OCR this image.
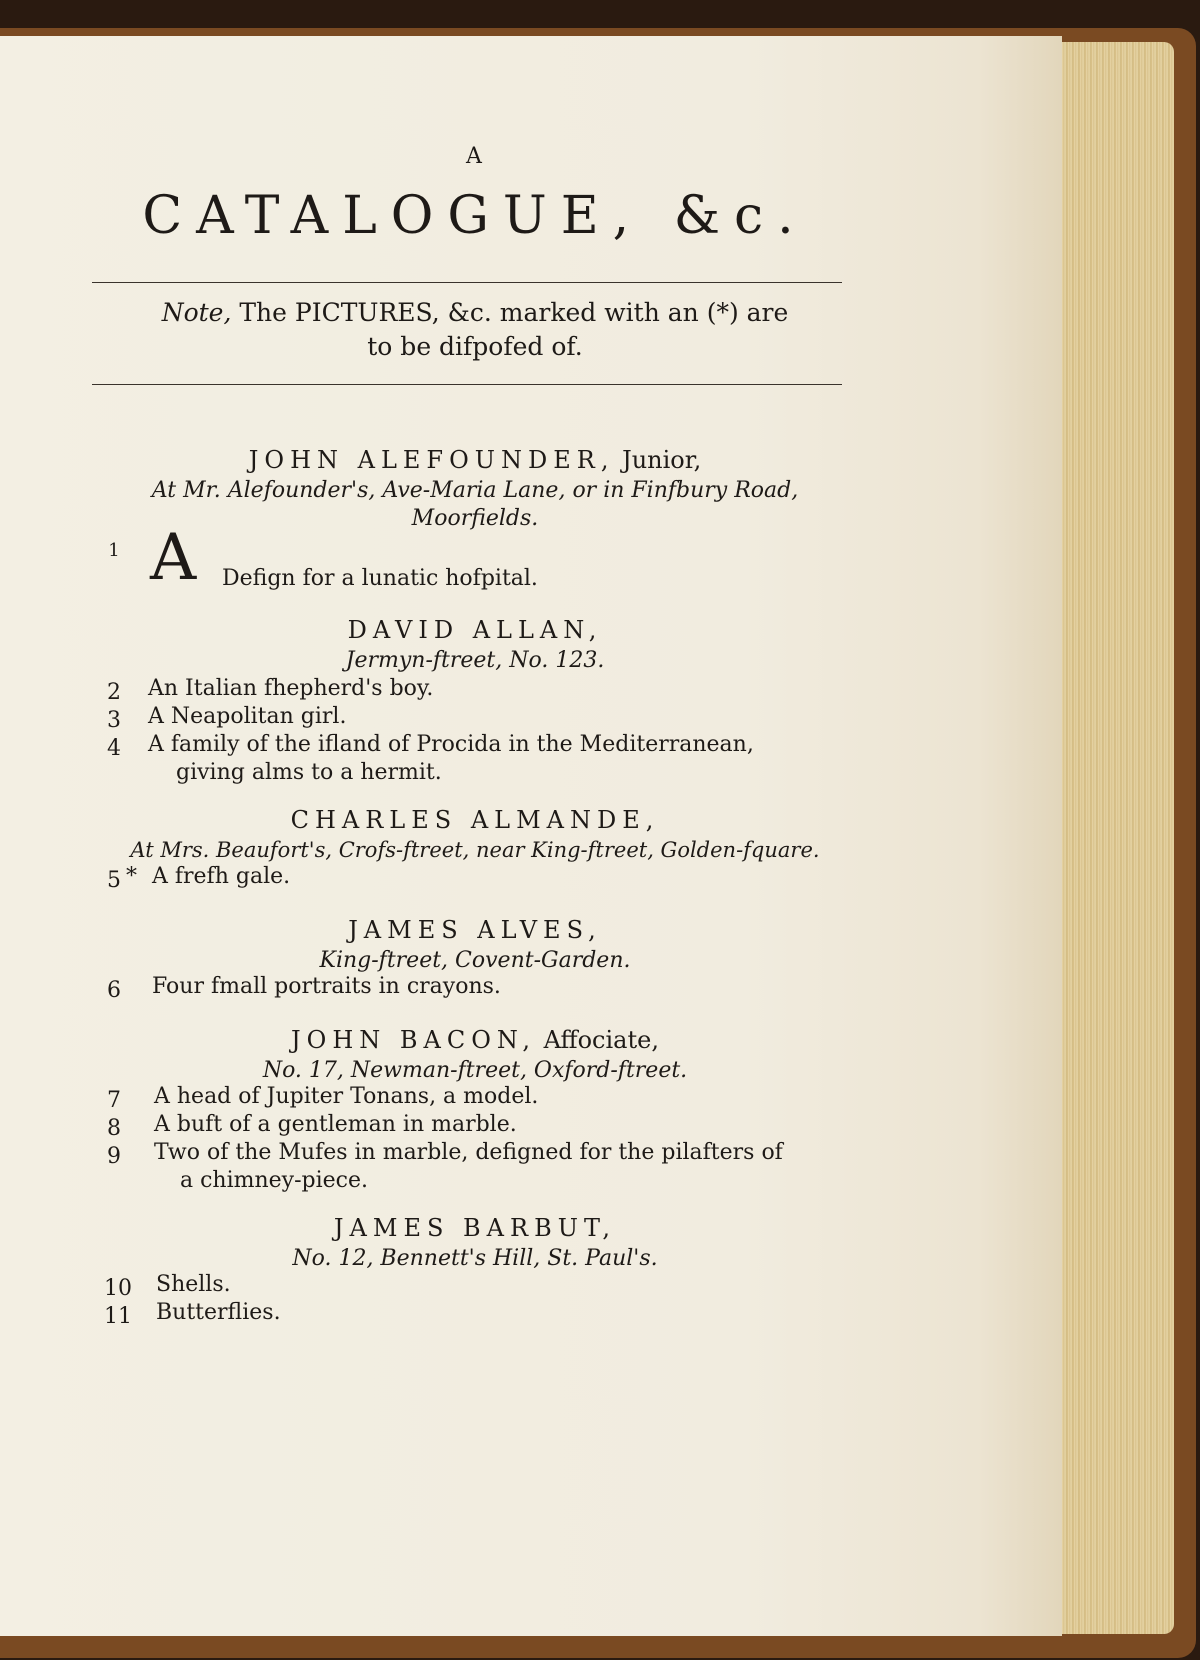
A
CATALOGUE, &c.
Note, The PICTURES, &c. marked with an (*) are
to be difpofed of.
JOHN ALEFOUNDER, Junior,
At Mr. Alefounder's, Ave-Maria Lane, or in Finfbury Road,
Moorfields.
1 A Defign for a lunatic hofpital.
DAVID ALLAN,
Jermyn-ftreet, No. 123.
2	An Italian fhepherd's boy.
3	A Neapolitan girl.
4	A family of the ifland of Procida in the Mediterranean,
giving alms to a hermit.
CHARLES ALMANDE,
At Mrs. Beaufort's, Crofs-ftreet, near King-ftreet, Golden-fquare.
5 * A frefh gale.
JAMES ALVES,
King-ftreet, Covent-Garden.
6	Four fmall portraits in crayons.
JOHN BACON, Affociate,
No. 17, Newman-ftreet, Oxford-ftreet.
7	A head of Jupiter Tonans, a model.
8	A buft of a gentleman in marble.
9	Two of the Mufes in marble, defigned for the pilafters of
a chimney-piece.
JAMES BARBUT,
No. 12, Bennett's Hill, St. Paul's.
10 Shells.
11 Butterflies.
